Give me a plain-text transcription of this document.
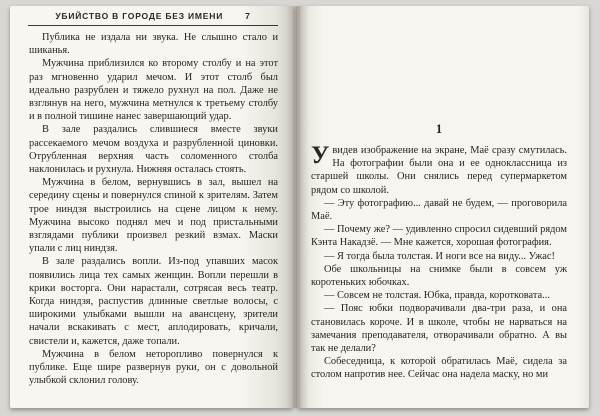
УБИЙСТВО В ГОРОДЕ БЕЗ ИМЕНИ	7

Публика не издала ни звука. Не слышно стало и шиканья.

Мужчина приблизился ко второму столбу и на этот раз мгновенно ударил мечом. И этот столб был идеально разрублен и тяжело рухнул на пол. Даже не взглянув на него, мужчина метнулся к третьему столбу и в полной тишине нанес завершающий удар.

В зале раздались слившиеся вместе звуки рассекаемого мечом воздуха и разрубленной циновки. Отрубленная верхняя часть соломенного столба наклонилась и рухнула. Нижняя осталась стоять.

Мужчина в белом, вернувшись в зал, вышел на середину сцены и повернулся спиной к зрителям. Затем трое ниндзя выстроились на сцене лицом к нему. Мужчина высоко поднял меч и под пристальными взглядами публики произвел резкий взмах. Маски упали с лиц ниндзя.

В зале раздались вопли. Из-под упавших масок появились лица тех самых женщин. Вопли перешли в крики восторга. Они нарастали, сотрясая весь театр. Когда ниндзя, распустив длинные светлые волосы, с широкими улыбками вышли на авансцену, зрители начали вскакивать с мест, аплодировать, кричали, свистели и, кажется, даже топали.

Мужчина в белом неторопливо повернулся к публике. Еще шире развернув руки, он с довольной улыбкой склонил голову.

1

Увидев изображение на экране, Маё сразу смутилась. На фотографии были она и ее одноклассница из старшей школы. Они снялись перед супермаркетом рядом со школой.

— Эту фотографию... давай не будем, — проговорила Маё.

— Почему же? — удивленно спросил сидевший рядом Кэнта Накадзё. — Мне кажется, хорошая фотография.

— Я тогда была толстая. И ноги все на виду... Ужас!

Обе школьницы на снимке были в совсем уж коротеньких юбочках.

— Совсем не толстая. Юбка, правда, коротковата...

— Пояс юбки подворачивали два-три раза, и она становилась короче. И в школе, чтобы не нарваться на замечания преподавателя, отворачивали обратно. А вы так не делали?

Собеседница, к которой обратилась Маё, сидела за столом напротив нее. Сейчас она надела маску, но ми
